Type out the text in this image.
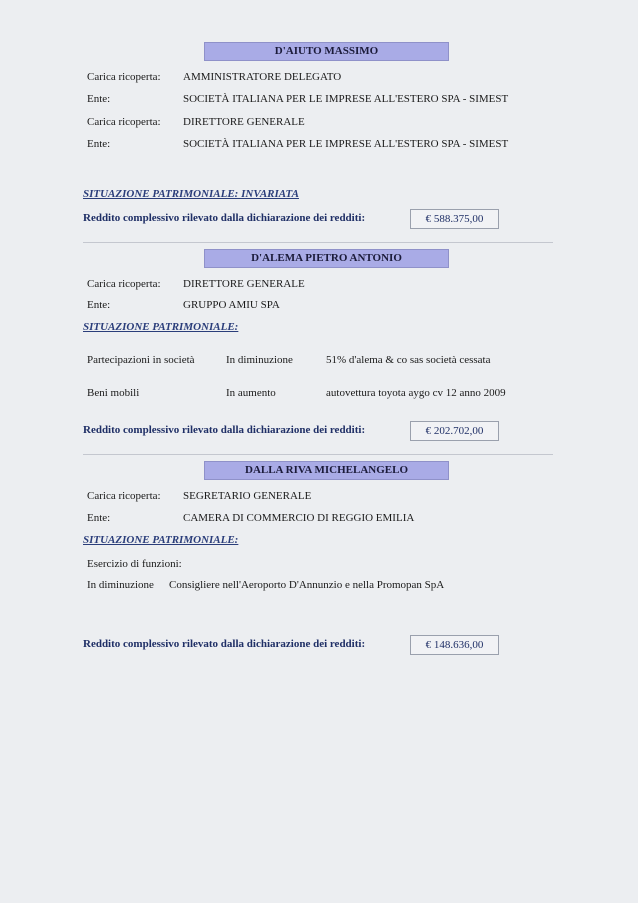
D'AIUTO MASSIMO
Carica ricoperta: AMMINISTRATORE DELEGATO
Ente:	SOCIETÀ ITALIANA PER LE IMPRESE ALL'ESTERO SPA - SIMEST
Carica ricoperta: DIRETTORE GENERALE
Ente:	SOCIETÀ ITALIANA PER LE IMPRESE ALL'ESTERO SPA - SIMEST
SITUAZIONE PATRIMONIALE: INVARIATA
Reddito complessivo rilevato dalla dichiarazione dei redditi:	€ 588.375,00
D'ALEMA PIETRO ANTONIO
Carica ricoperta: DIRETTORE GENERALE
Ente:	GRUPPO AMIU SPA
SITUAZIONE PATRIMONIALE:
Partecipazioni in società	In diminuzione	51% d'alema & co sas società cessata
Beni mobili	In aumento	autovettura toyota aygo cv 12 anno 2009
Reddito complessivo rilevato dalla dichiarazione dei redditi:	€ 202.702,00
DALLA RIVA MICHELANGELO
Carica ricoperta: SEGRETARIO GENERALE
Ente:	CAMERA DI COMMERCIO DI REGGIO EMILIA
SITUAZIONE PATRIMONIALE:
Esercizio di funzioni:
In diminuzione Consigliere nell'Aeroporto D'Annunzio e nella Promopan SpA
Reddito complessivo rilevato dalla dichiarazione dei redditi:	€ 148.636,00
